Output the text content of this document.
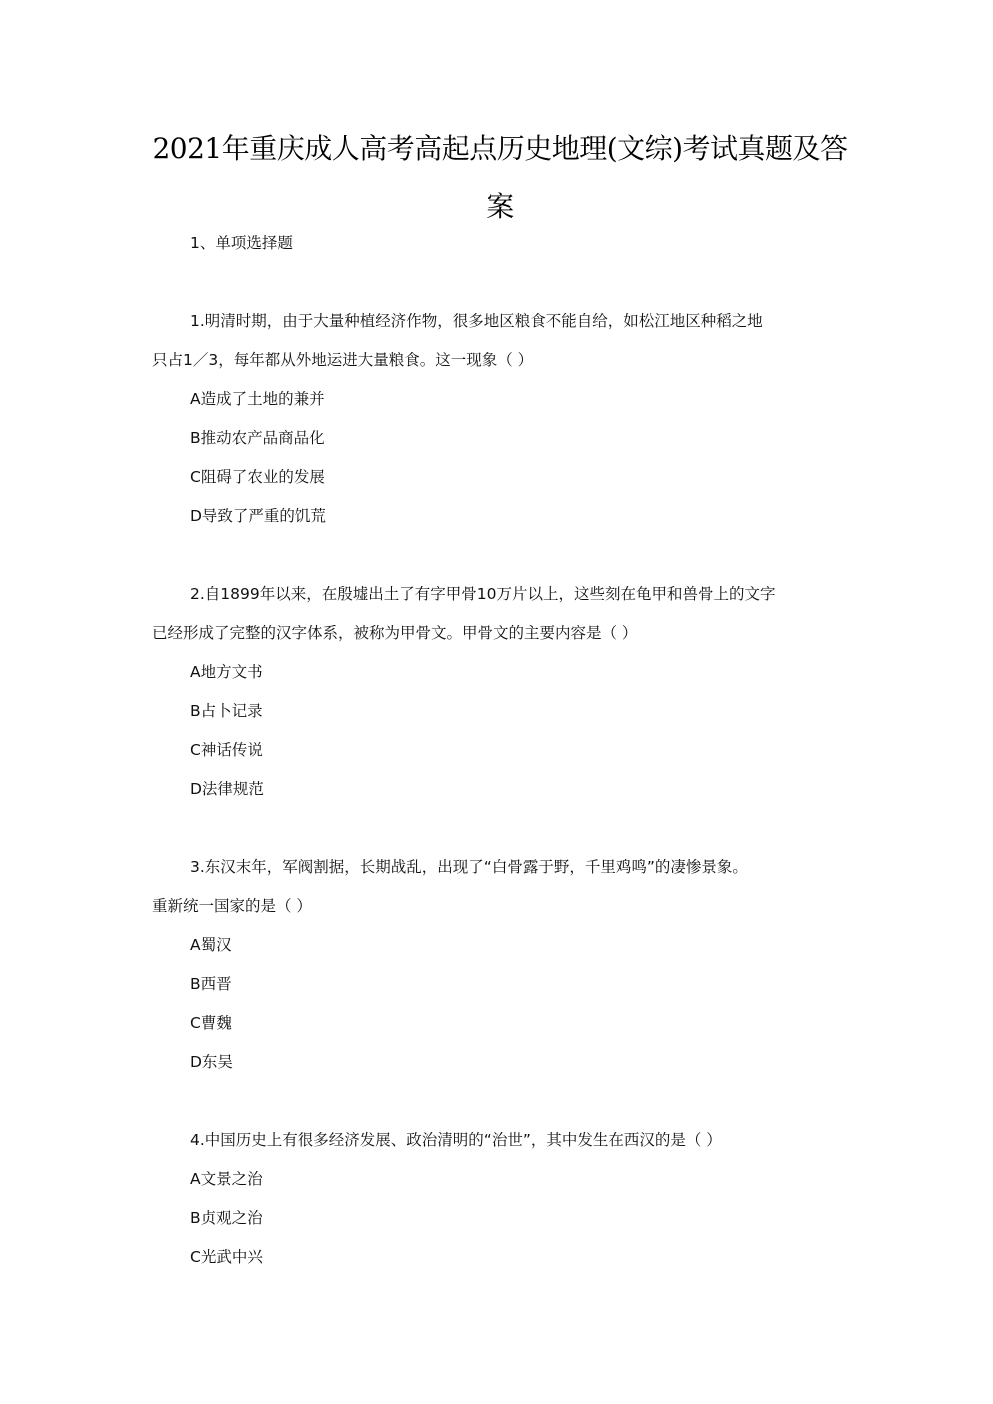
2021年重庆成人高考高起点历史地理(文综)考试真题及答
案
1、单项选择题
1.明清时期，由于大量种植经济作物，很多地区粮食不能自给，如松江地区种稻之地
只占1／3，每年都从外地运进大量粮食。这一现象（ ）
A造成了土地的兼并
B推动农产品商品化
C阻碍了农业的发展
D导致了严重的饥荒
2.自1899年以来，在殷墟出土了有字甲骨10万片以上，这些刻在龟甲和兽骨上的文字
已经形成了完整的汉字体系，被称为甲骨文。甲骨文的主要内容是（ ）
A地方文书
B占卜记录
C神话传说
D法律规范
3.东汉末年，军阀割据，长期战乱，出现了“白骨露于野，千里鸡鸣”的凄惨景象。
重新统一国家的是（ ）
A蜀汉
B西晋
C曹魏
D东吴
4.中国历史上有很多经济发展、政治清明的“治世”，其中发生在西汉的是（ ）
A文景之治
B贞观之治
C光武中兴
